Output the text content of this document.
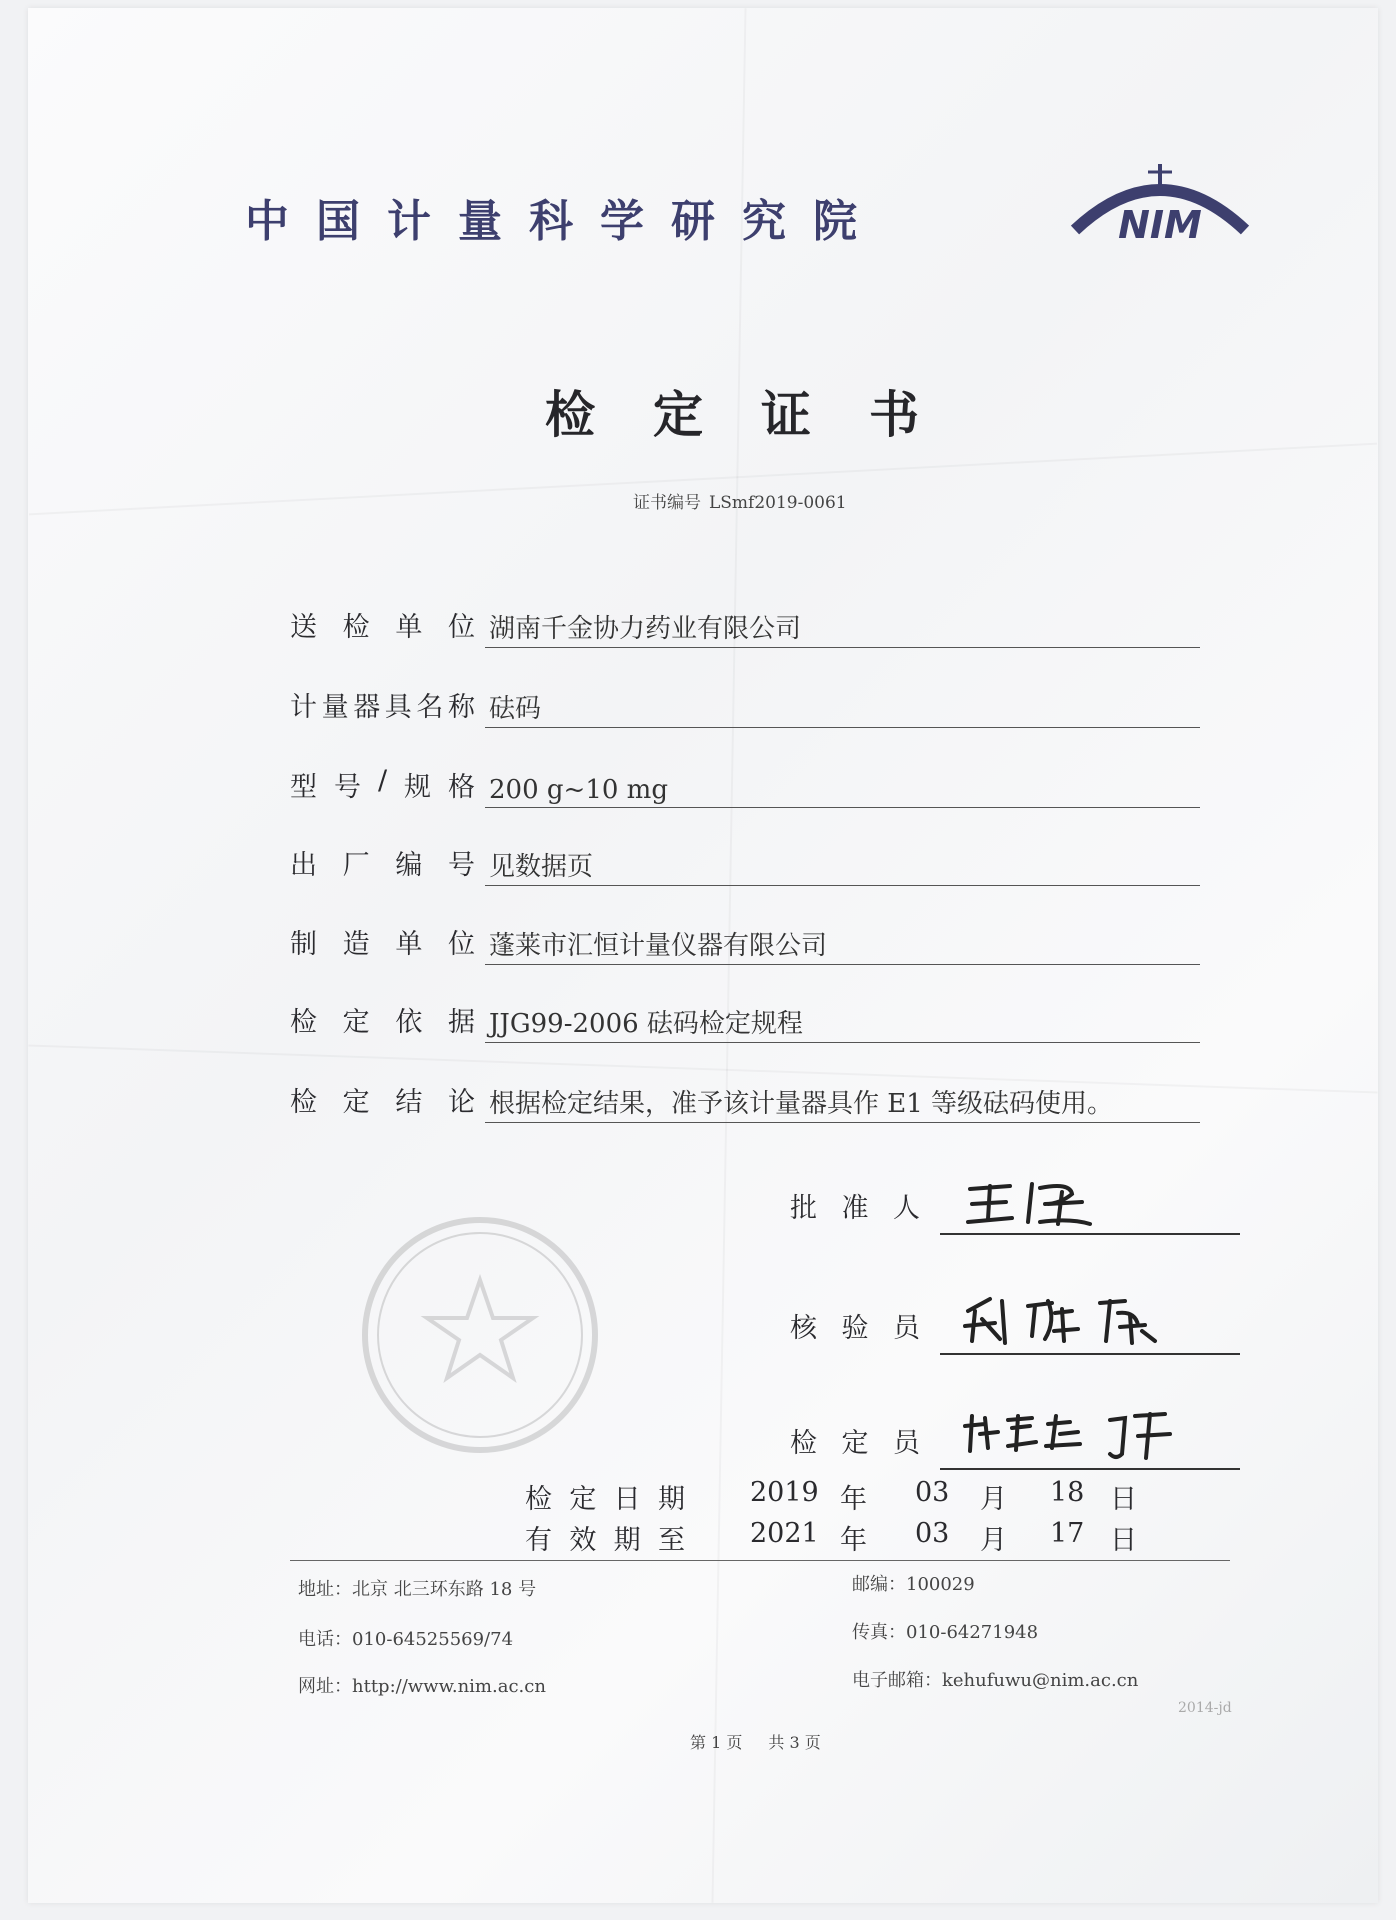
中国计量科学研究院	NIM
检定证书
证书编号 LSmf2019-0061
送 检 单 位 湖南千金协力药业有限公司
计 量 器 具 名 称 砝码
型 号 / 规 格 200 g~10 mg
出 厂 编 号 见数据页
制 造 单 位 蓬莱市汇恒计量仪器有限公司
检 定 依 据 JJG99-2006 砝码检定规程
检 定 结 论 根据检定结果，准予该计量器具作 E1 等级砝码使用。
批 准 人
核 验 员
检 定 员
检 定 日 期 2019 年 03 月 18 日
有 效 期 至 2021 年 03 月 17 日
地址：北京 北三环东路 18 号	邮编：100029
电话：010-64525569/74	传真：010-64271948
网址：http://www.nim.ac.cn	电子邮箱：kehufuwu@nim.ac.cn
2014-jd
第 1 页 共 3 页
